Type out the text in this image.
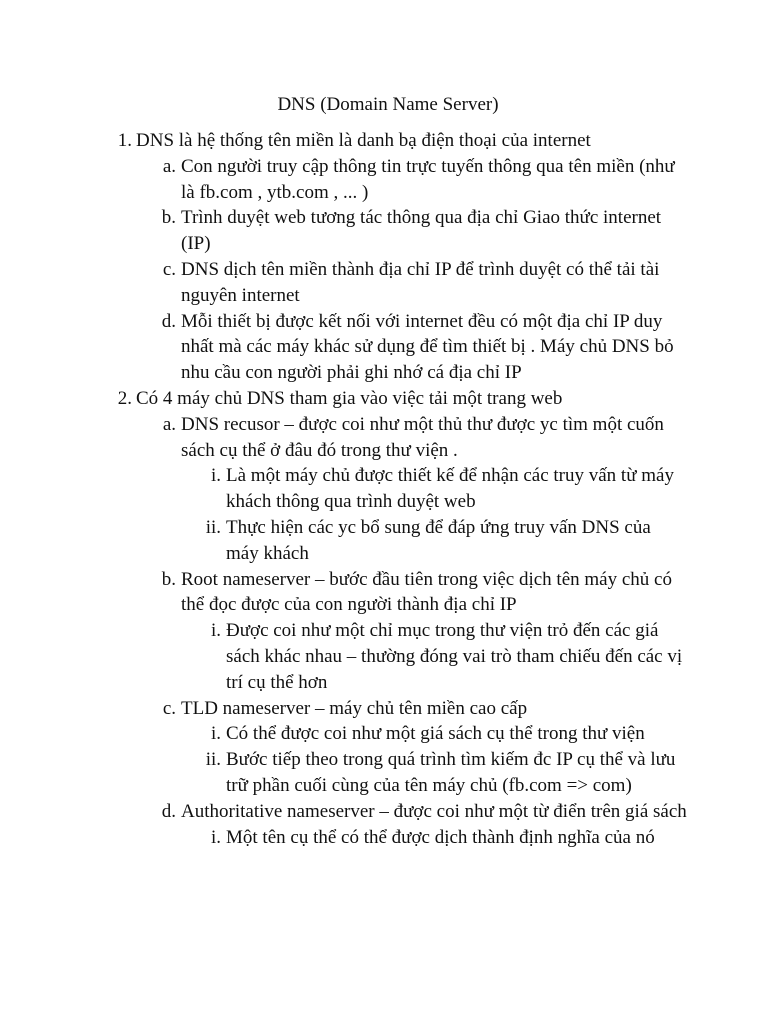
DNS (Domain Name Server)
1. DNS là hệ thống tên miền là danh bạ điện thoại của internet
a. Con người truy cập thông tin trực tuyến thông qua tên miền (như là fb.com , ytb.com , ... )
b. Trình duyệt web tương tác thông qua địa chỉ Giao thức internet (IP)
c. DNS dịch tên miền thành địa chỉ IP để trình duyệt có thể tải tài nguyên internet
d. Mỗi thiết bị được kết nối với internet đều có một địa chỉ IP duy nhất mà các máy khác sử dụng để tìm thiết bị . Máy chủ DNS bỏ nhu cầu con người phải ghi nhớ cá địa chỉ IP
2. Có 4 máy chủ DNS tham gia vào việc tải một trang web
a. DNS recusor – được coi như một thủ thư được yc tìm một cuốn sách cụ thể ở đâu đó trong thư viện .
i. Là một máy chủ được thiết kế để nhận các truy vấn từ máy khách thông qua trình duyệt web
ii. Thực hiện các yc bổ sung để đáp ứng truy vấn DNS của máy khách
b. Root nameserver – bước đầu tiên trong việc dịch tên máy chủ có thể đọc được của con người thành địa chỉ IP
i. Được coi như một chỉ mục trong thư viện trỏ đến các giá sách khác nhau – thường đóng vai trò tham chiếu đến các vị trí cụ thể hơn
c. TLD nameserver – máy chủ tên miền cao cấp
i. Có thể được coi như một giá sách cụ thể trong thư viện
ii. Bước tiếp theo trong quá trình tìm kiếm đc IP cụ thể và lưu trữ phần cuối cùng của tên máy chủ (fb.com => com)
d. Authoritative nameserver – được coi như một từ điển trên giá sách
i. Một tên cụ thể có thể được dịch thành định nghĩa của nó
